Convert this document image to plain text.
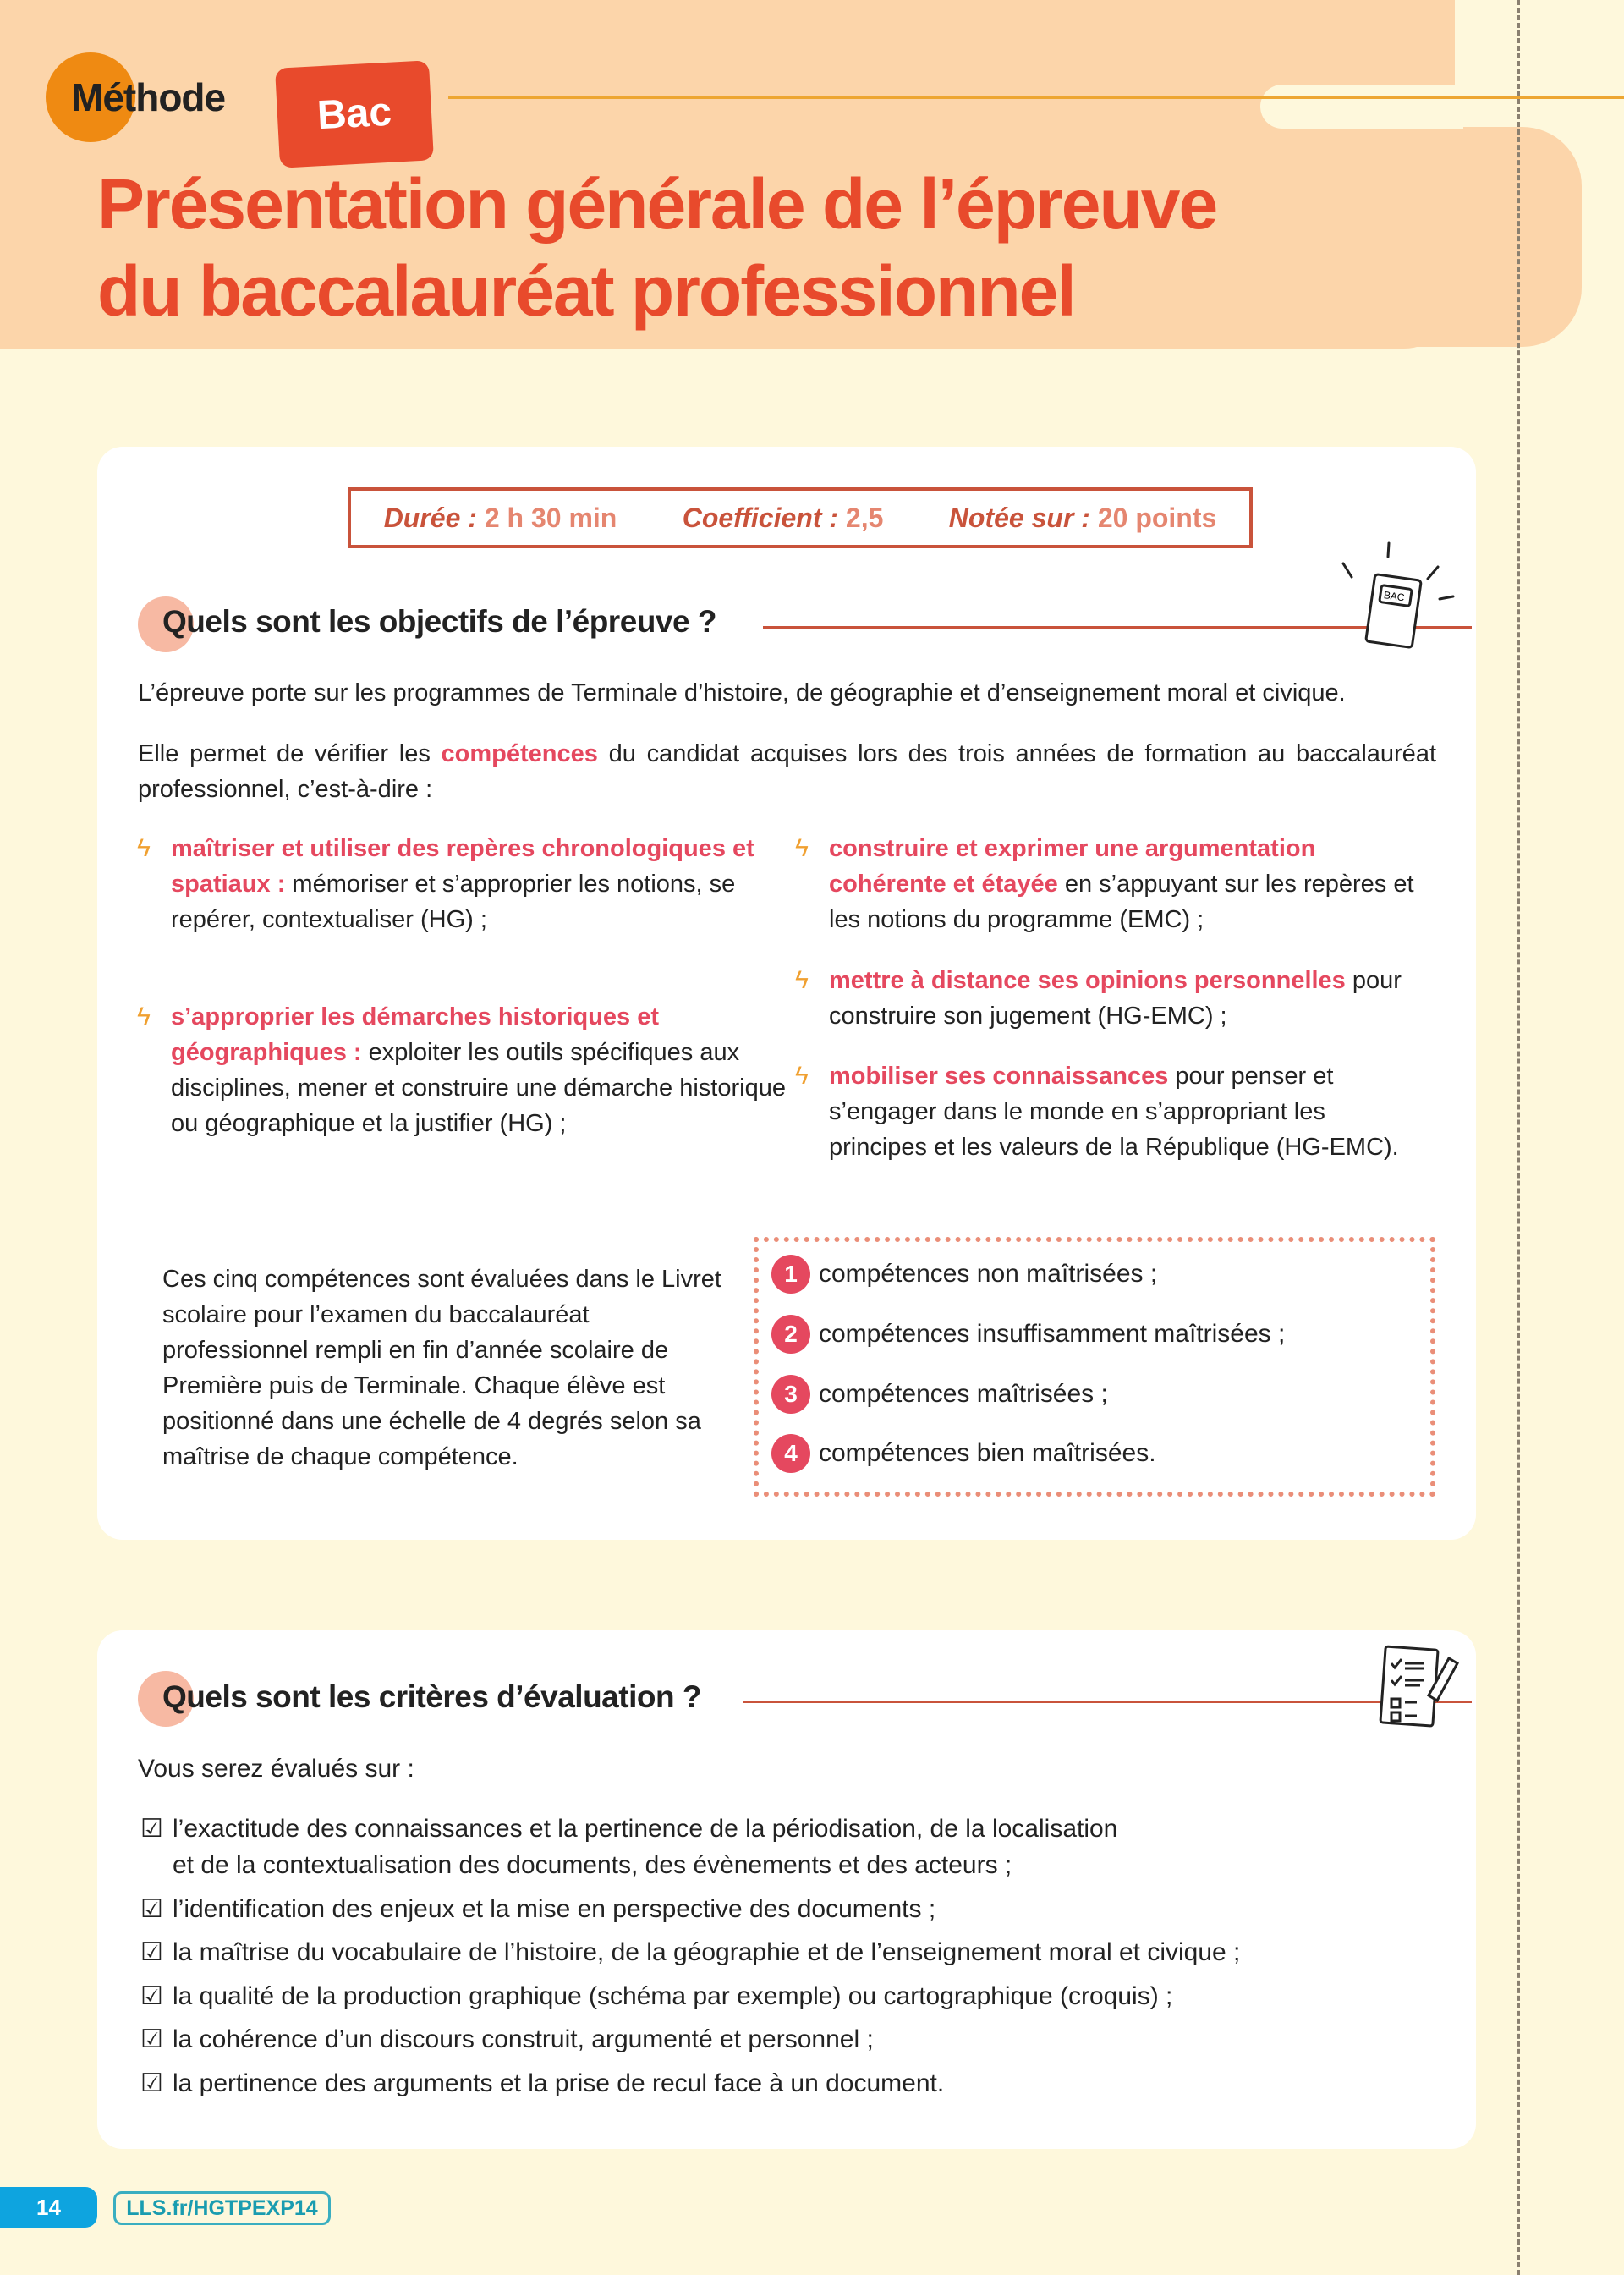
Méthode	Bac
Présentation générale de l’épreuve
du baccalauréat professionnel
Durée : 2 h 30 min Coefficient : 2,5 Notée sur : 20 points
Quels sont les objectifs de l’épreuve ?
BAC
L’épreuve porte sur les programmes de Terminale d’histoire, de géographie et d’enseignement moral et civique.
Elle permet de vérifier les compétences du candidat acquises lors des trois années de formation au baccalauréat professionnel, c’est-à-dire :
ϟ maîtriser et utiliser des repères chronologiques et spatiaux : mémoriser et s’approprier les notions, se repérer, contextualiser (HG) ;
ϟ s’approprier les démarches historiques et géographiques : exploiter les outils spécifiques aux disciplines, mener et construire une démarche historique ou géographique et la justifier (HG) ;
ϟ construire et exprimer une argumentation cohérente et étayée en s’appuyant sur les repères et les notions du programme (EMC) ;
ϟ mettre à distance ses opinions personnelles pour construire son jugement (HG-EMC) ;
ϟ mobiliser ses connaissances pour penser et s’engager dans le monde en s’appropriant les principes et les valeurs de la République (HG-EMC).
Ces cinq compétences sont évaluées dans le Livret scolaire pour l’examen du baccalauréat professionnel rempli en fin d’année scolaire de Première puis de Terminale. Chaque élève est positionné dans une échelle de 4 degrés selon sa maîtrise de chaque compétence.
1 compétences non maîtrisées ;
2 compétences insuffisamment maîtrisées ;
3 compétences maîtrisées ;
4 compétences bien maîtrisées.
Quels sont les critères d’évaluation ?
Vous serez évalués sur :
☑ l’exactitude des connaissances et la pertinence de la périodisation, de la localisation
et de la contextualisation des documents, des évènements et des acteurs ;
☑ l’identification des enjeux et la mise en perspective des documents ;
☑ la maîtrise du vocabulaire de l’histoire, de la géographie et de l’enseignement moral et civique ;
☑ la qualité de la production graphique (schéma par exemple) ou cartographique (croquis) ;
☑ la cohérence d’un discours construit, argumenté et personnel ;
☑ la pertinence des arguments et la prise de recul face à un document.
14	LLS.fr/HGTPEXP14
